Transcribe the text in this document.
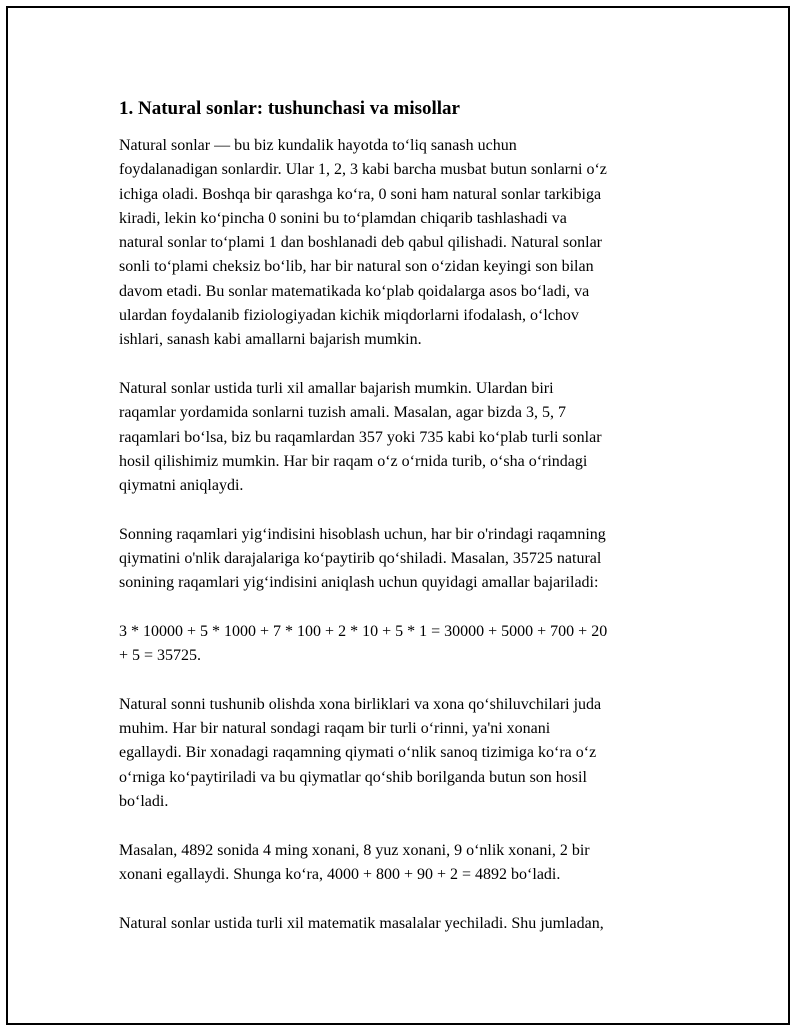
1. Natural sonlar: tushunchasi va misollar

Natural sonlar — bu biz kundalik hayotda to‘liq sanash uchun
foydalanadigan sonlardir. Ular 1, 2, 3 kabi barcha musbat butun sonlarni o‘z
ichiga oladi. Boshqa bir qarashga ko‘ra, 0 soni ham natural sonlar tarkibiga
kiradi, lekin ko‘pincha 0 sonini bu to‘plamdan chiqarib tashlashadi va
natural sonlar to‘plami 1 dan boshlanadi deb qabul qilishadi. Natural sonlar
sonli to‘plami cheksiz bo‘lib, har bir natural son o‘zidan keyingi son bilan
davom etadi. Bu sonlar matematikada ko‘plab qoidalarga asos bo‘ladi, va
ulardan foydalanib fiziologiyadan kichik miqdorlarni ifodalash, o‘lchov
ishlari, sanash kabi amallarni bajarish mumkin.

Natural sonlar ustida turli xil amallar bajarish mumkin. Ulardan biri
raqamlar yordamida sonlarni tuzish amali. Masalan, agar bizda 3, 5, 7
raqamlari bo‘lsa, biz bu raqamlardan 357 yoki 735 kabi ko‘plab turli sonlar
hosil qilishimiz mumkin. Har bir raqam o‘z o‘rnida turib, o‘sha o‘rindagi
qiymatni aniqlaydi.

Sonning raqamlari yig‘indisini hisoblash uchun, har bir o'rindagi raqamning
qiymatini o'nlik darajalariga ko‘paytirib qo‘shiladi. Masalan, 35725 natural
sonining raqamlari yig‘indisini aniqlash uchun quyidagi amallar bajariladi:

3 * 10000 + 5 * 1000 + 7 * 100 + 2 * 10 + 5 * 1 = 30000 + 5000 + 700 + 20
+ 5 = 35725.

Natural sonni tushunib olishda xona birliklari va xona qo‘shiluvchilari juda
muhim. Har bir natural sondagi raqam bir turli o‘rinni, ya'ni xonani
egallaydi. Bir xonadagi raqamning qiymati o‘nlik sanoq tizimiga ko‘ra o‘z
o‘rniga ko‘paytiriladi va bu qiymatlar qo‘shib borilganda butun son hosil
bo‘ladi.

Masalan, 4892 sonida 4 ming xonani, 8 yuz xonani, 9 o‘nlik xonani, 2 bir
xonani egallaydi. Shunga ko‘ra, 4000 + 800 + 90 + 2 = 4892 bo‘ladi.

Natural sonlar ustida turli xil matematik masalalar yechiladi. Shu jumladan,
